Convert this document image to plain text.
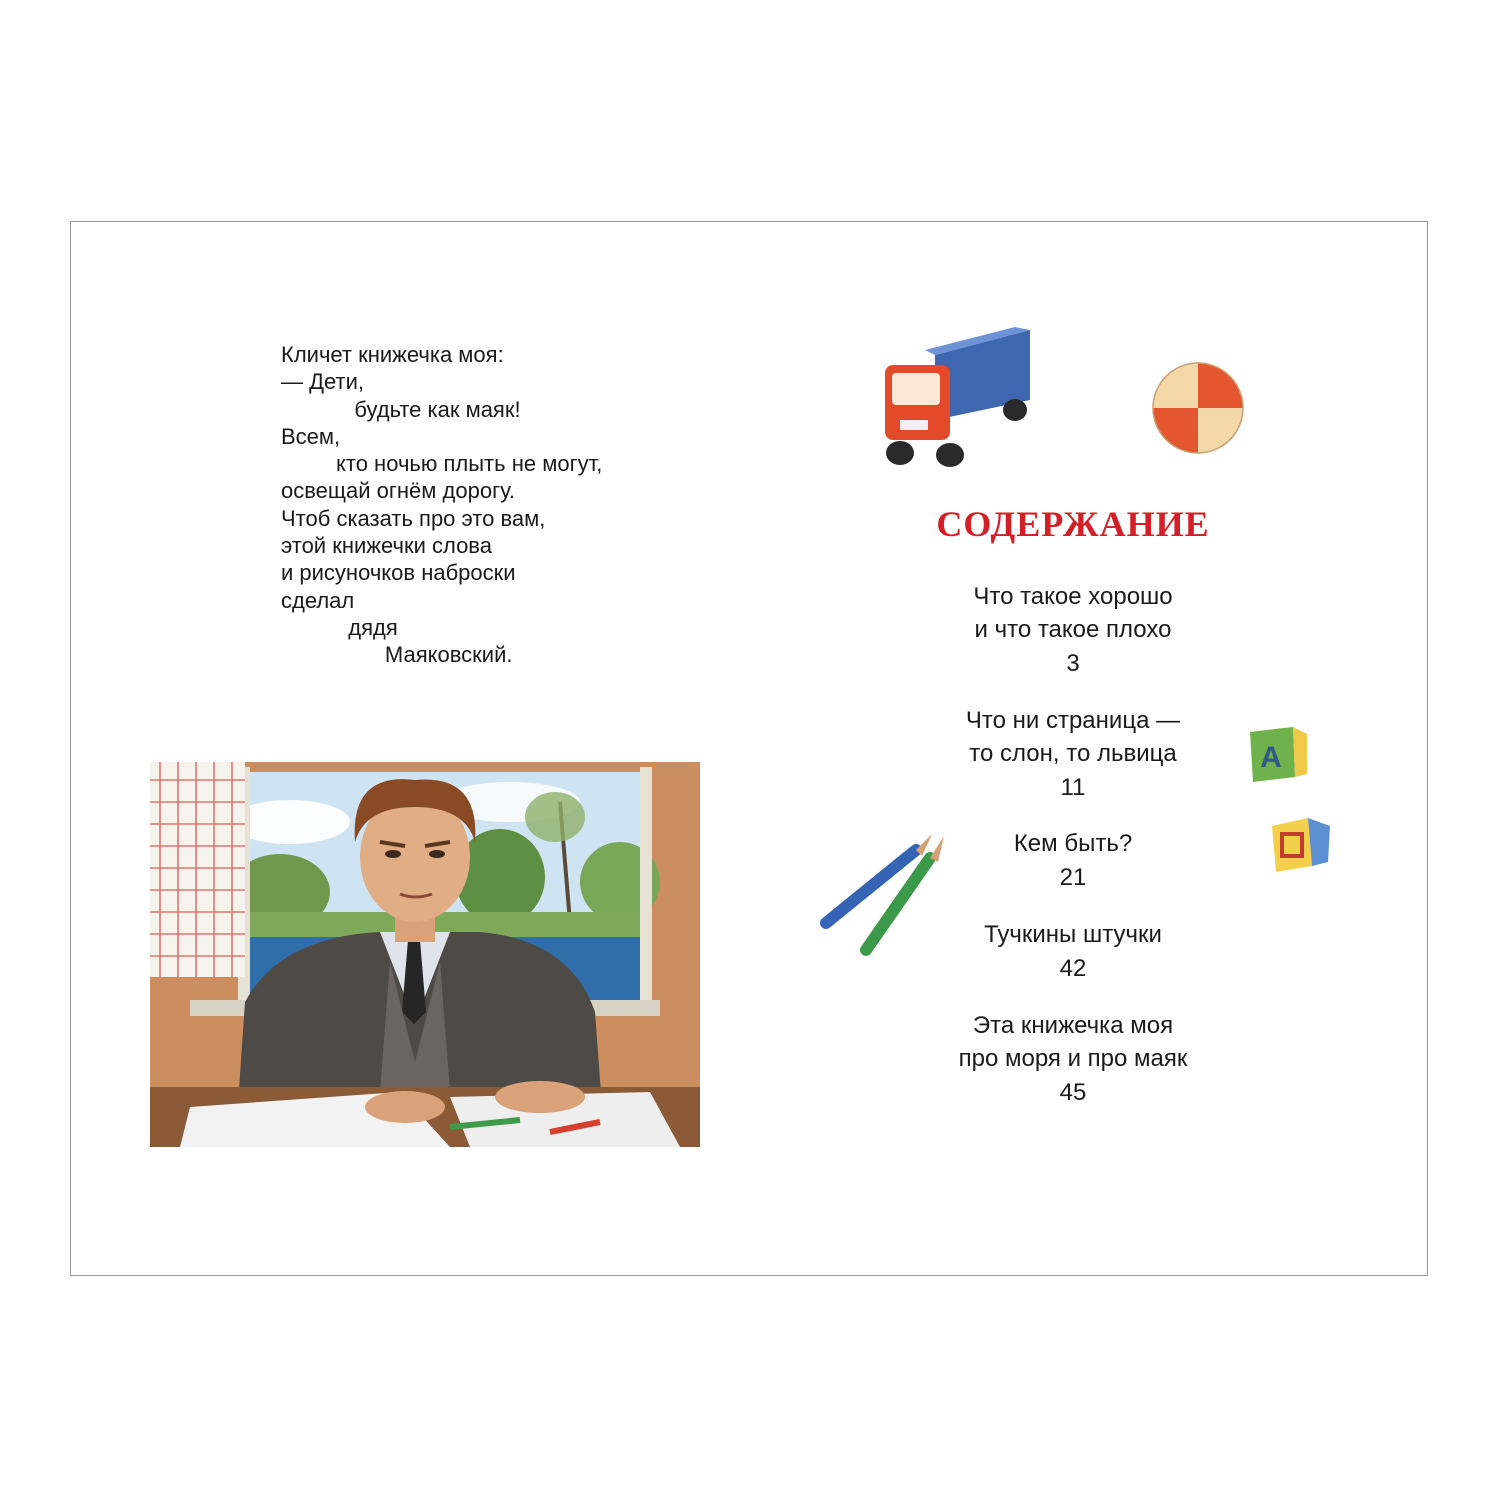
Кличет книжечка моя:
— Дети,
будьте как маяк!
Всем,
кто ночью плыть не могут,
освещай огнём дорогу.
Чтоб сказать про это вам,
этой книжечки слова
и рисуночков наброски
сделал
дядя
Маяковский.
A
СОДЕРЖАНИЕ
Что такое хорошо
и что такое плохо
3
Что ни страница —
то слон, то львица
11
Кем быть?
21
Тучкины штучки
42
Эта книжечка моя
про моря и про маяк
45
